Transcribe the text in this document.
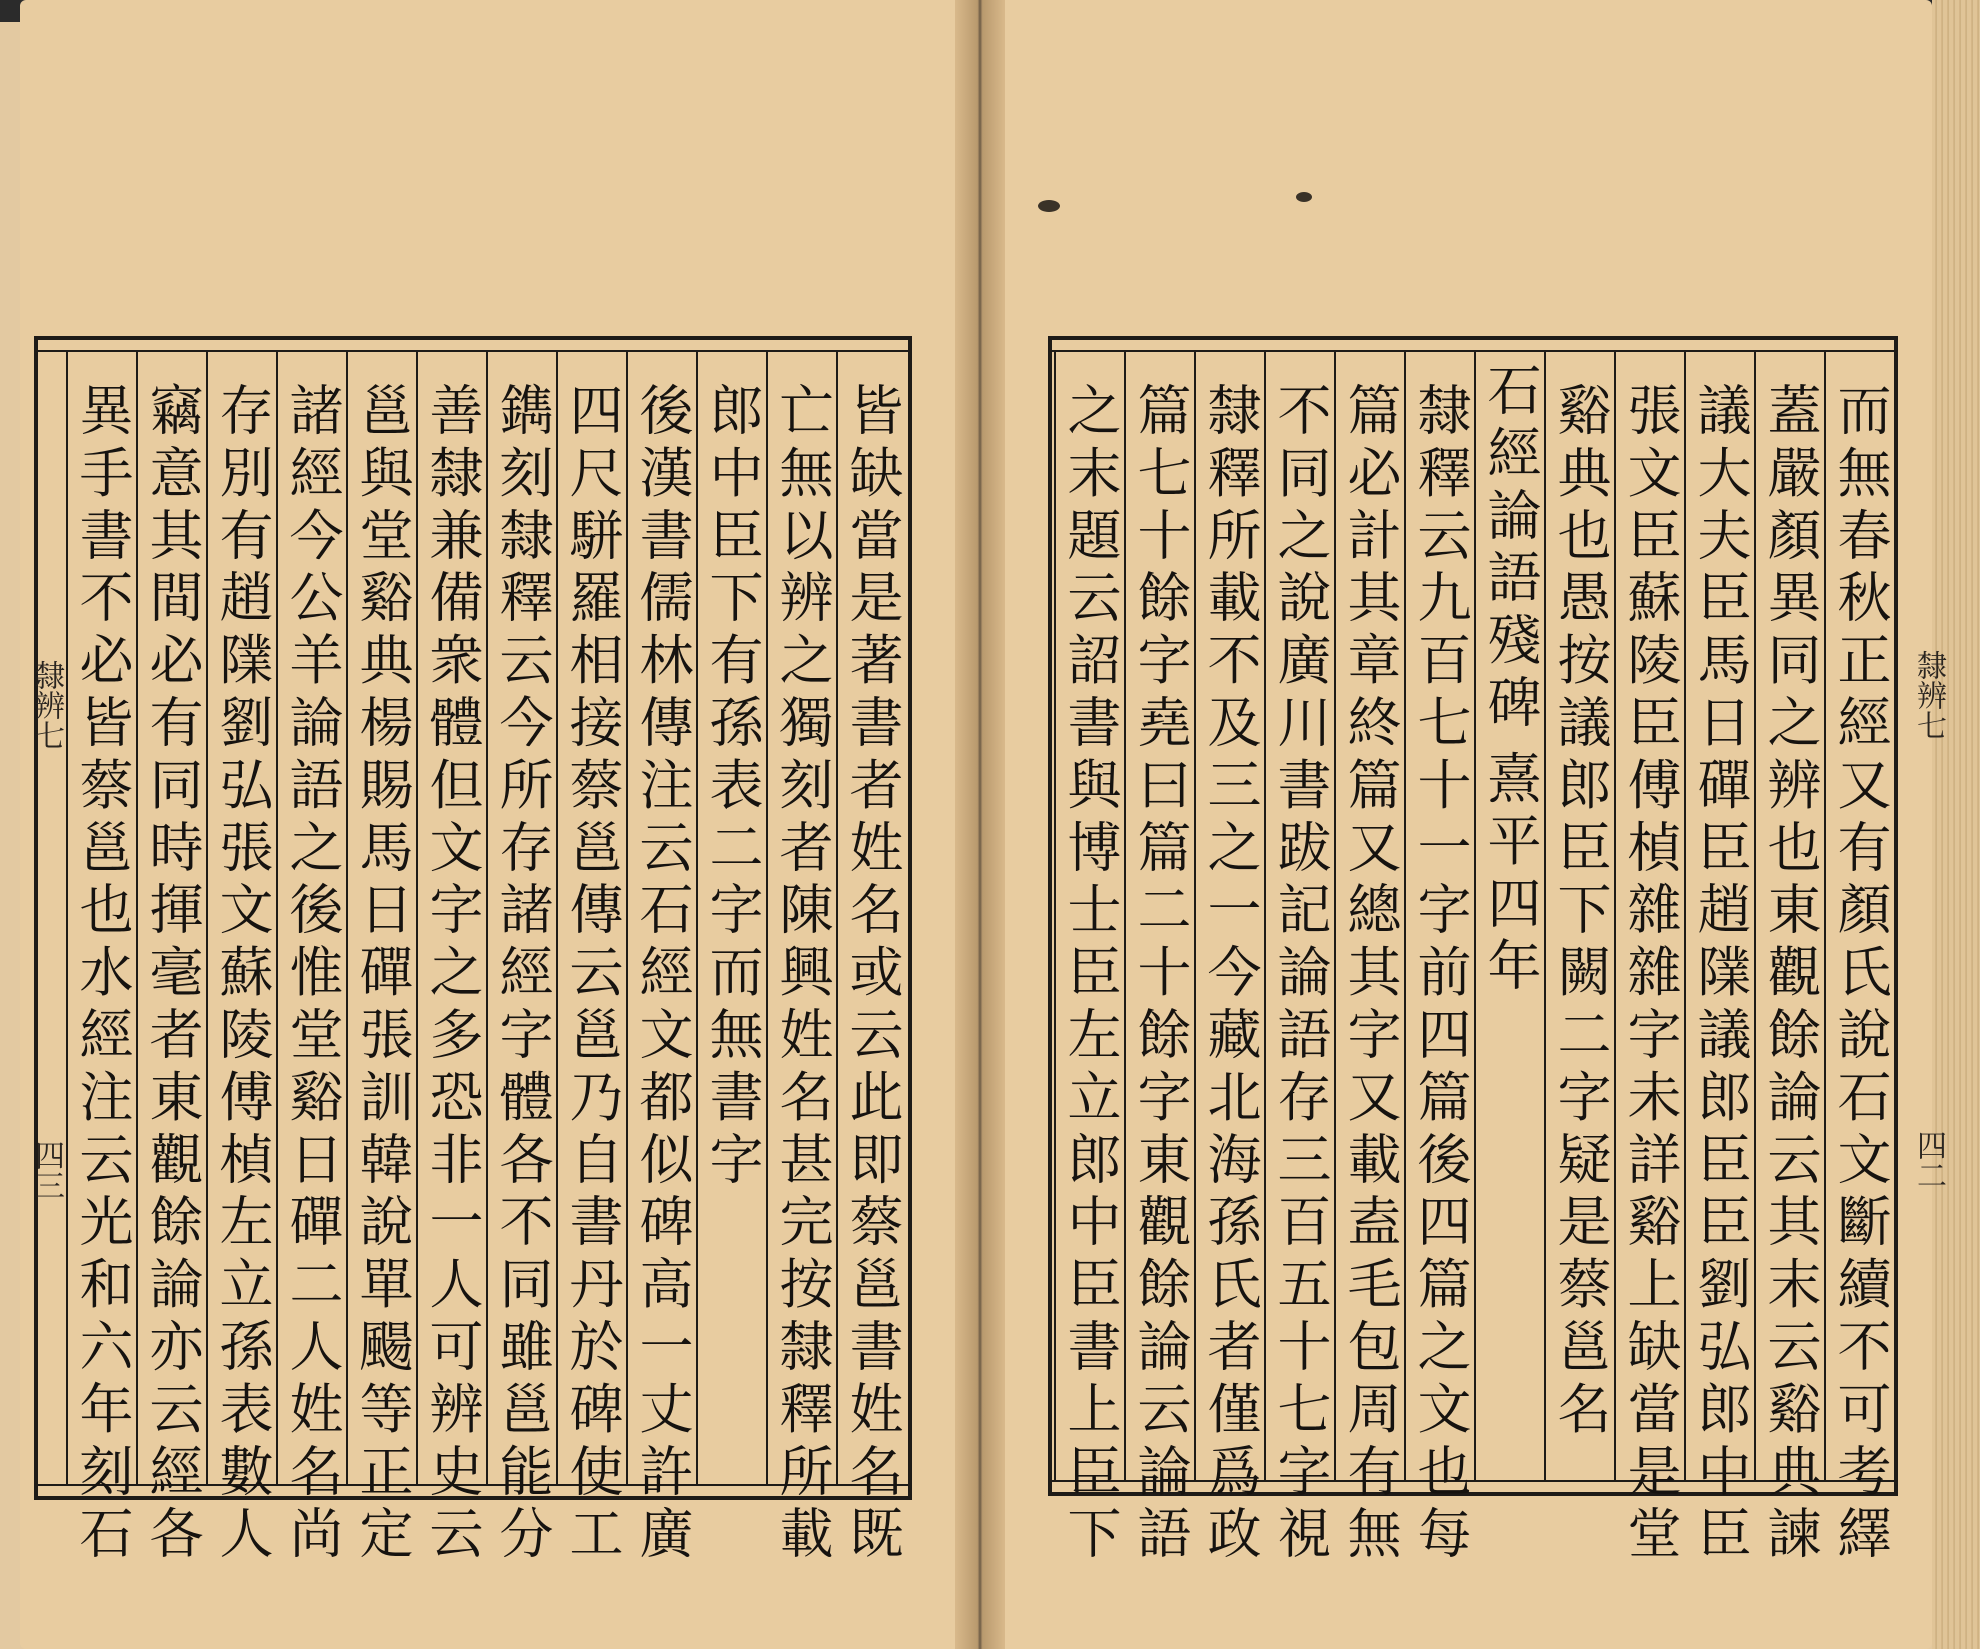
皆缺當是著書者姓名或云此即蔡邕書姓名既
亡無以辨之獨刻者陳興姓名甚完按隸釋所載
郎中臣下有孫表二字而無書字
後漢書儒林傳注云石經文都似碑高一丈許廣
四尺駢羅相接蔡邕傳云邕乃自書丹於碑使工
鐫刻隸釋云今所存諸經字體各不同雖邕能分
善隸兼備衆體但文字之多恐非一人可辨史云
邕與堂谿典楊賜馬日磾張訓韓說單颺等正定
諸經今公羊論語之後惟堂谿日磾二人姓名尚
存別有趙䧨劉弘張文蘇陵傅楨左立孫表數人
竊意其間必有同時揮毫者東觀餘論亦云經各
異手書不必皆蔡邕也水經注云光和六年刻石
隸辨七
四三	而無春秋正經又有顏氏說石文斷續不可考繹
蓋嚴顏異同之辨也東觀餘論云其末云谿典諫
議大夫臣馬日磾臣趙䧨議郎臣臣劉弘郎中臣
張文臣蘇陵臣傅楨雜雜字未詳谿上缺當是堂
谿典也愚按議郎臣下闕二字疑是蔡邕名
石經論語殘碑
熹平四年
隸釋云九百七十一字前四篇後四篇之文也每
篇必計其章終篇又總其字又載盍毛包周有無
不同之說廣川書跋記論語存三百五十七字視
隸釋所載不及三之一今藏北海孫氏者僅爲政
篇七十餘字堯曰篇二十餘字東觀餘論云論語
之末題云詔書與博士臣左立郎中臣書上臣下	隸辨七
四二
